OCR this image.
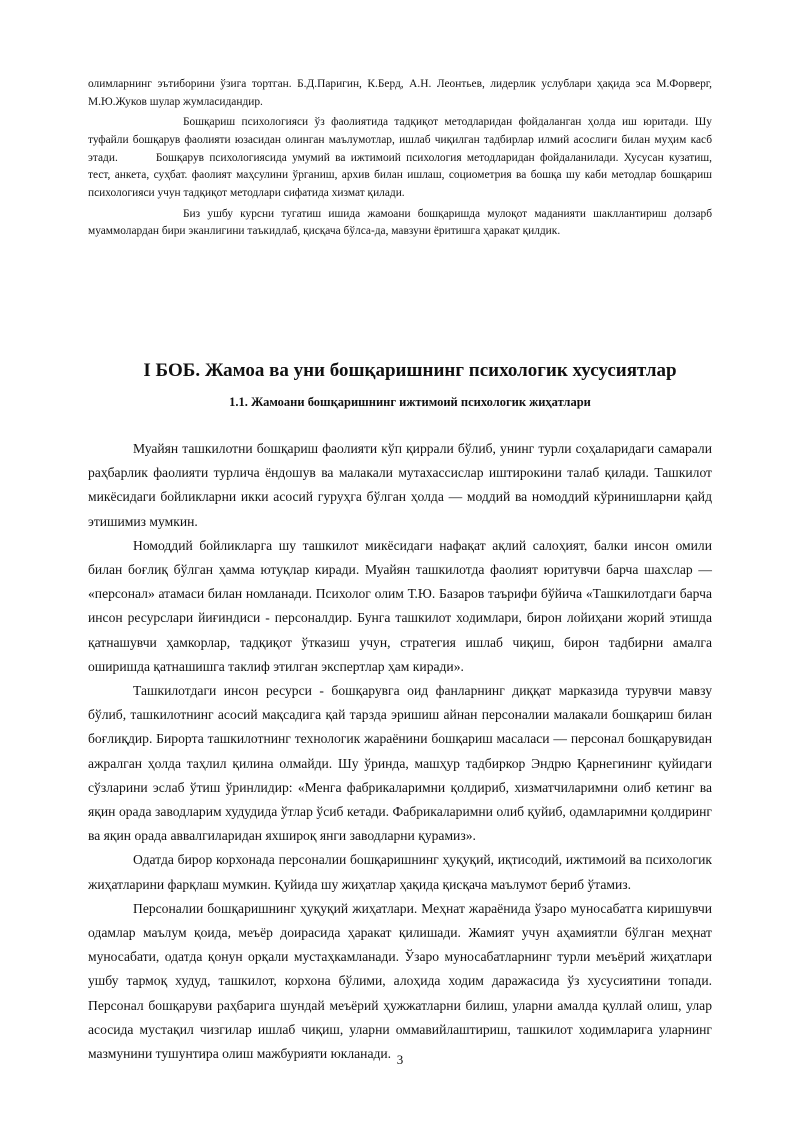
олимларнинг эътиборини ўзига тортган. Б.Д.Паригин, К.Берд, А.Н. Леонтьев, лидерлик услублари ҳақида эса М.Форверг, М.Ю.Жуков шулар жумласидандир.

Бошқариш психологияси ўз фаолиятида тадқиқот методларидан фойдаланган ҳолда иш юритади. Шу туфайли бошқарув фаолияти юзасидан олинган маълумотлар, ишлаб чиқилган тадбирлар илмий асослиги билан муҳим касб этади.	Бошқарув психологиясида умумий ва ижтимоий психология методларидан фойдаланилади. Хусусан кузатиш, тест, анкета, суҳбат. фаолият маҳсулини ўрганиш, архив билан ишлаш, социометрия ва бошқа шу каби методлар бошқариш психологияси учун тадқиқот методлари сифатида хизмат қилади.

Биз ушбу курсни тугатиш ишида жамоани бошқаришда мулоқот маданияти шакллантириш долзарб муаммолардан бири эканлигини таъкидлаб, қисқача бўлса-да, мавзуни ёритишга ҳаракат қилдик.

I БОБ. Жамоа ва уни бошқаришнинг психологик хусусиятлар
1.1. Жамоани бошқаришнинг ижтимоий психологик жиҳатлари

Муайян ташкилотни бошқариш фаолияти кўп қиррали бўлиб, унинг турли соҳаларидаги самарали раҳбарлик фаолияти турлича ёндошув ва малакали мутахассислар иштирокини талаб қилади. Ташкилот микёсидаги бойликларни икки асосий гуруҳга бўлган ҳолда — моддий ва номоддий кўринишларни қайд этишимиз мумкин.

Номоддий бойликларга шу ташкилот микёсидаги нафақат ақлий салоҳият, балки инсон омили билан боғлиқ бўлган ҳамма ютуқлар киради. Муайян ташкилотда фаолият юритувчи барча шахслар — «персонал» атамаси билан номланади. Психолог олим Т.Ю. Базаров таърифи бўйича «Ташкилотдаги барча инсон ресурслари йиғиндиси - персоналдир. Бунга ташкилот ходимлари, бирон лойиҳани жорий этишда қатнашувчи ҳамкорлар, тадқиқот ўтказиш учун, стратегия ишлаб чиқиш, бирон тадбирни амалга оширишда қатнашишга таклиф этилган экспертлар ҳам киради».

Ташкилотдаги инсон ресурси - бошқарувга оид фанларнинг диққат марказида турувчи мавзу бўлиб, ташкилотнинг асосий мақсадига қай тарзда эришиш айнан персоналии малакали бошқариш билан боғлиқдир. Бироpта ташкилотнинг технологик жараёнини бошқариш масаласи — персонал бошқарувидан ажралган ҳолда таҳлил қилина олмайди. Шу ўринда, машҳур тадбиркор Эндрю Қарнегининг қуйидаги сўзларини эслаб ўтиш ўринлидир: «Менга фабрикаларимни қолдириб, хизматчиларимни олиб кетинг ва яқин орада заводларим худудида ўтлар ўсиб кетади. Фабрикаларимни олиб қуйиб, одамларимни қолдиринг ва яқин орада аввалгиларидан яхшироқ янги заводларни қурамиз».

Одатда бирор корхонада персоналии бошқаришнинг ҳуқуқий, иқтисодий, ижтимоий ва психологик жиҳатларини фарқлаш мумкин. Қуйида шу жиҳатлар ҳақида қисқача маълумот бериб ўтамиз.

Персоналии бошқаришнинг ҳуқуқий жиҳатлари. Меҳнат жараёнида ўзаро муносабатга киришувчи одамлар маълум қоида, меъёр доирасида ҳаракат қилишади. Жамият учун аҳамиятли бўлган меҳнат муносабати, одатда қонун орқали мустаҳкамланади. Ўзаро муносабатларнинг турли меъёрий жиҳатлари ушбу тармоқ худуд, ташкилот, корхона бўлими, алоҳида ходим даражасида ўз хусусиятини топади. Персонал бошқаруви раҳбарига шундай меъёрий ҳужжатларни билиш, уларни амалда қуллай олиш, улар асосида мустақил чизгилар ишлаб чиқиш, уларни оммавийлаштириш, ташкилот ходимларига уларнинг мазмунини тушунтира олиш мажбурияти юкланади. 3
